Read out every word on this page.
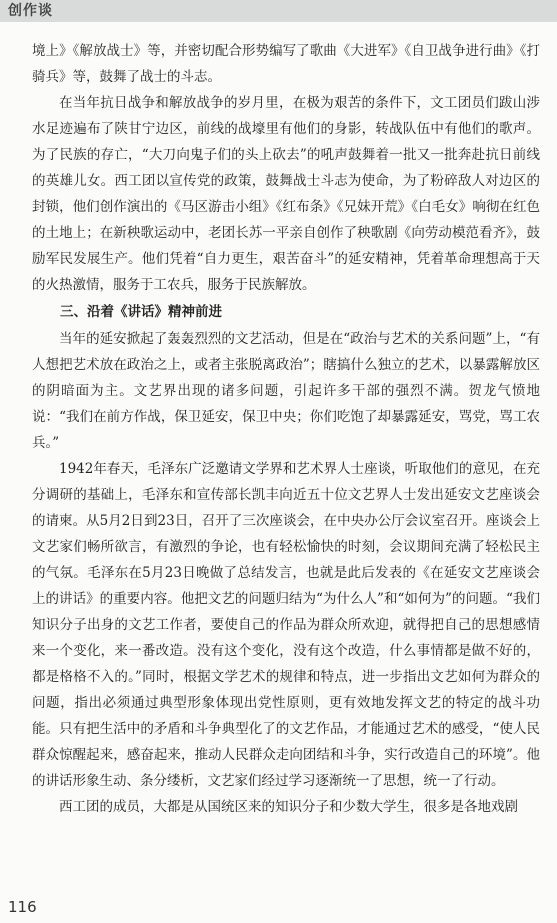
创作谈

境上》《解放战士》等，并密切配合形势编写了歌曲《大进军》《自卫战争进行曲》《打骑兵》等，鼓舞了战士的斗志。

在当年抗日战争和解放战争的岁月里，在极为艰苦的条件下，文工团员们跋山涉水足迹遍布了陕甘宁边区，前线的战壕里有他们的身影，转战队伍中有他们的歌声。为了民族的存亡，“大刀向鬼子们的头上砍去”的吼声鼓舞着一批又一批奔赴抗日前线的英雄儿女。西工团以宣传党的政策，鼓舞战士斗志为使命，为了粉碎敌人对边区的封锁，他们创作演出的《马区游击小组》《红布条》《兄妹开荒》《白毛女》响彻在红色的土地上；在新秧歌运动中，老团长苏一平亲自创作了秧歌剧《向劳动模范看齐》，鼓励军民发展生产。他们凭着“自力更生，艰苦奋斗”的延安精神，凭着革命理想高于天的火热激情，服务于工农兵，服务于民族解放。

三、沿着《讲话》精神前进

当年的延安掀起了轰轰烈烈的文艺活动，但是在“政治与艺术的关系问题”上，“有人想把艺术放在政治之上，或者主张脱离政治”；瞎搞什么独立的艺术，以暴露解放区的阴暗面为主。文艺界出现的诸多问题，引起许多干部的强烈不满。贺龙气愤地说：“我们在前方作战，保卫延安，保卫中央；你们吃饱了却暴露延安，骂党，骂工农兵。”

1942年春天，毛泽东广泛邀请文学界和艺术界人士座谈，听取他们的意见，在充分调研的基础上，毛泽东和宣传部长凯丰向近五十位文艺界人士发出延安文艺座谈会的请柬。从5月2日到23日，召开了三次座谈会，在中央办公厅会议室召开。座谈会上文艺家们畅所欲言，有激烈的争论，也有轻松愉快的时刻，会议期间充满了轻松民主的气氛。毛泽东在5月23日晚做了总结发言，也就是此后发表的《在延安文艺座谈会上的讲话》的重要内容。他把文艺的问题归结为“为什么人”和“如何为”的问题。“我们知识分子出身的文艺工作者，要使自己的作品为群众所欢迎，就得把自己的思想感情来一个变化，来一番改造。没有这个变化，没有这个改造，什么事情都是做不好的，都是格格不入的。”同时，根据文学艺术的规律和特点，进一步指出文艺如何为群众的问题，指出必须通过典型形象体现出党性原则，更有效地发挥文艺的特定的战斗功能。只有把生活中的矛盾和斗争典型化了的文艺作品，才能通过艺术的感受，“使人民群众惊醒起来，感奋起来，推动人民群众走向团结和斗争，实行改造自己的环境”。他的讲话形象生动、条分缕析，文艺家们经过学习逐渐统一了思想，统一了行动。

西工团的成员，大都是从国统区来的知识分子和少数大学生，很多是各地戏剧

116
